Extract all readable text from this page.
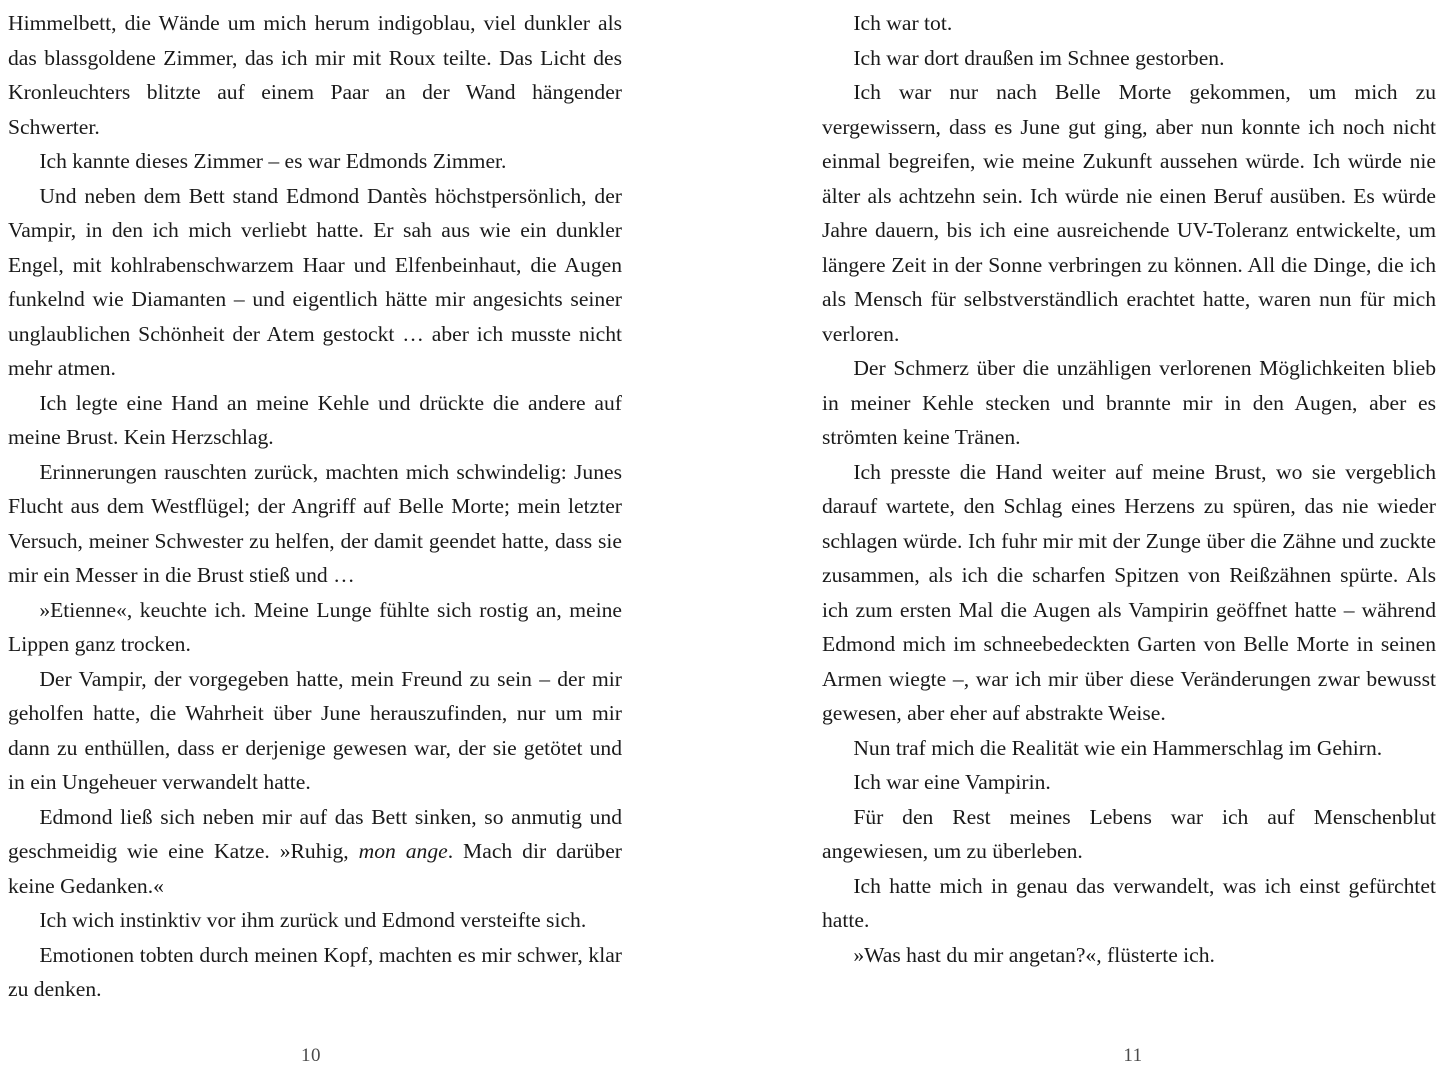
Himmelbett, die Wände um mich herum indigoblau, viel dunkler als das blassgoldene Zimmer, das ich mir mit Roux teilte. Das Licht des Kronleuchters blitzte auf einem Paar an der Wand hängender Schwerter.

Ich kannte dieses Zimmer – es war Edmonds Zimmer.

Und neben dem Bett stand Edmond Dantès höchstpersönlich, der Vampir, in den ich mich verliebt hatte. Er sah aus wie ein dunkler Engel, mit kohlrabenschwarzem Haar und Elfenbeinhaut, die Augen funkelnd wie Diamanten – und eigentlich hätte mir angesichts seiner unglaublichen Schönheit der Atem gestockt … aber ich musste nicht mehr atmen.

Ich legte eine Hand an meine Kehle und drückte die andere auf meine Brust. Kein Herzschlag.

Erinnerungen rauschten zurück, machten mich schwindelig: Junes Flucht aus dem Westflügel; der Angriff auf Belle Morte; mein letzter Versuch, meiner Schwester zu helfen, der damit geendet hatte, dass sie mir ein Messer in die Brust stieß und …

»Etienne«, keuchte ich. Meine Lunge fühlte sich rostig an, meine Lippen ganz trocken.

Der Vampir, der vorgegeben hatte, mein Freund zu sein – der mir geholfen hatte, die Wahrheit über June herauszufinden, nur um mir dann zu enthüllen, dass er derjenige gewesen war, der sie getötet und in ein Ungeheuer verwandelt hatte.

Edmond ließ sich neben mir auf das Bett sinken, so anmutig und geschmeidig wie eine Katze. »Ruhig, mon ange. Mach dir darüber keine Gedanken.«

Ich wich instinktiv vor ihm zurück und Edmond versteifte sich.

Emotionen tobten durch meinen Kopf, machten es mir schwer, klar zu denken.

10

Ich war tot.

Ich war dort draußen im Schnee gestorben.

Ich war nur nach Belle Morte gekommen, um mich zu vergewissern, dass es June gut ging, aber nun konnte ich noch nicht einmal begreifen, wie meine Zukunft aussehen würde. Ich würde nie älter als achtzehn sein. Ich würde nie einen Beruf ausüben. Es würde Jahre dauern, bis ich eine ausreichende UV-Toleranz entwickelte, um längere Zeit in der Sonne verbringen zu können. All die Dinge, die ich als Mensch für selbstverständlich erachtet hatte, waren nun für mich verloren.

Der Schmerz über die unzähligen verlorenen Möglichkeiten blieb in meiner Kehle stecken und brannte mir in den Augen, aber es strömten keine Tränen.

Ich presste die Hand weiter auf meine Brust, wo sie vergeblich darauf wartete, den Schlag eines Herzens zu spüren, das nie wieder schlagen würde. Ich fuhr mir mit der Zunge über die Zähne und zuckte zusammen, als ich die scharfen Spitzen von Reißzähnen spürte. Als ich zum ersten Mal die Augen als Vampirin geöffnet hatte – während Edmond mich im schneebedeckten Garten von Belle Morte in seinen Armen wiegte –, war ich mir über diese Veränderungen zwar bewusst gewesen, aber eher auf abstrakte Weise.

Nun traf mich die Realität wie ein Hammerschlag im Gehirn.

Ich war eine Vampirin.

Für den Rest meines Lebens war ich auf Menschenblut angewiesen, um zu überleben.

Ich hatte mich in genau das verwandelt, was ich einst gefürchtet hatte.

»Was hast du mir angetan?«, flüsterte ich.

11
